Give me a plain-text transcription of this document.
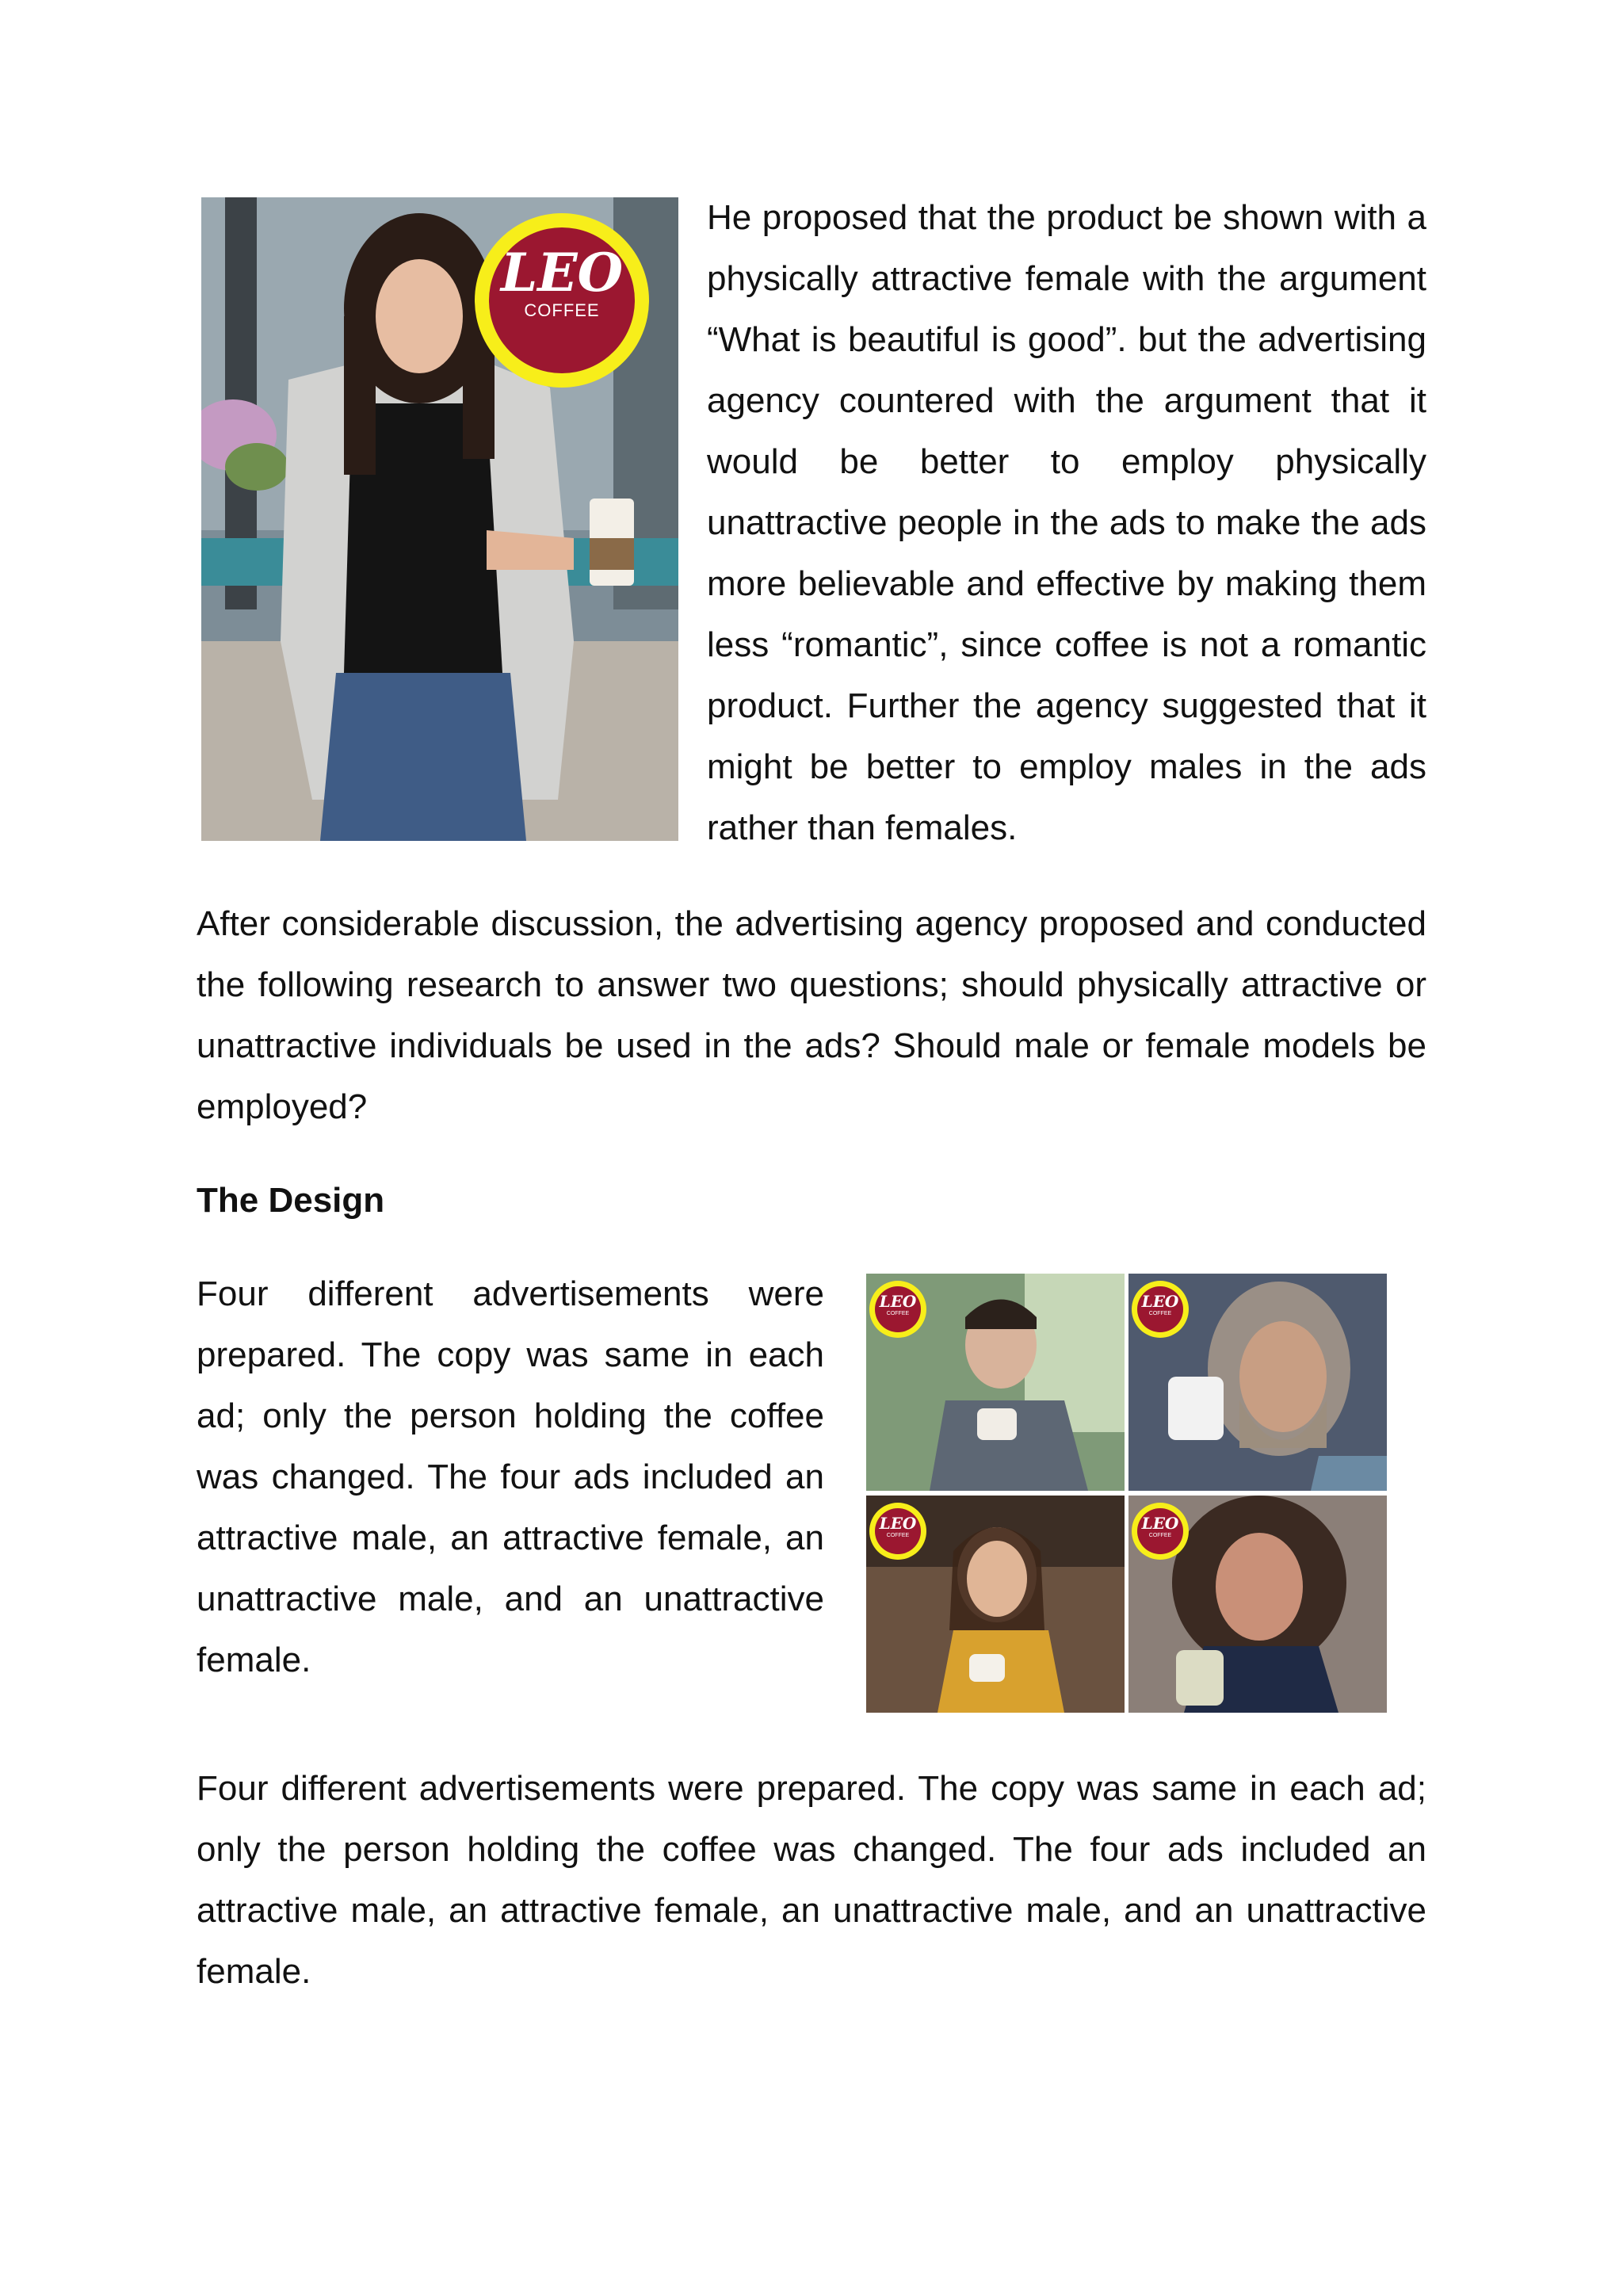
LEO
COFFEE

He proposed that the product be shown with a physically attractive female with the argument “What is beautiful is good”. but the advertising agency countered with the argument that it would be better to employ physically unattractive people in the ads to make the ads more believable and effective by making them less “romantic”, since coffee is not a romantic product. Further the agency suggested that it might be better to employ males in the ads rather than females.

After considerable discussion, the advertising agency proposed and conducted the following research to answer two questions; should physically attractive or unattractive individuals be used in the ads? Should male or female models be employed?

The Design

Four different advertisements were prepared. The copy was same in each ad; only the person holding the coffee was changed. The four ads included an attractive male, an attractive female, an unattractive male, and an unattractive female.

LEO
COFFEE
LEO
COFFEE
LEO
COFFEE
LEO
COFFEE

Four different advertisements were prepared. The copy was same in each ad; only the person holding the coffee was changed. The four ads included an attractive male, an attractive female, an unattractive male, and an unattractive female.
